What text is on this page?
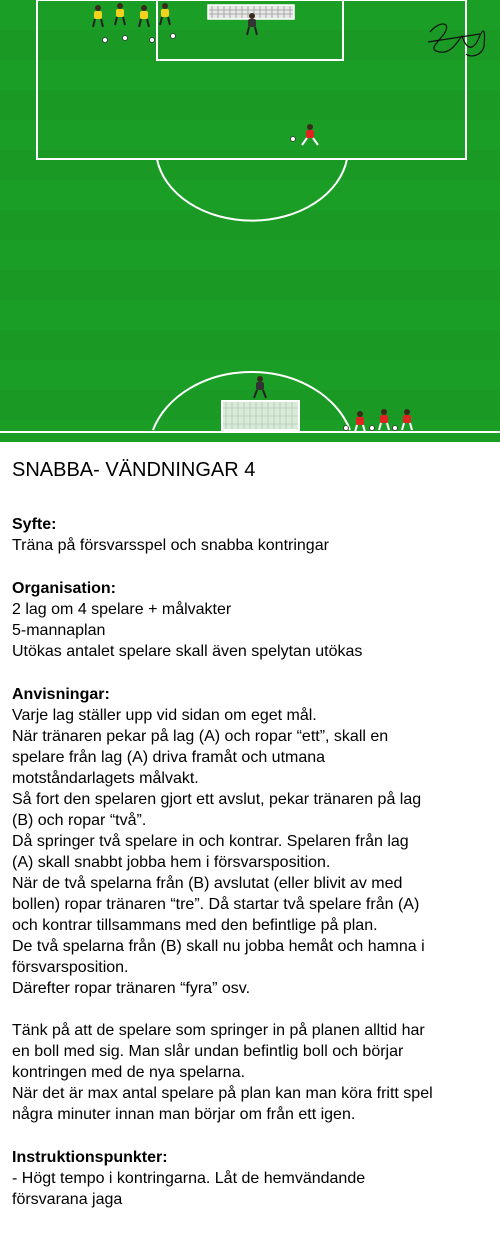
SNABBA- VÄNDNINGAR 4
Syfte:
Träna på försvarsspel och snabba kontringar
Organisation:
2 lag om 4 spelare + målvakter
5-mannaplan
Utökas antalet spelare skall även spelytan utökas
Anvisningar:
Varje lag ställer upp vid sidan om eget mål.
När tränaren pekar på lag (A) och ropar “ett”, skall en
spelare från lag (A) driva framåt och utmana
motståndarlagets målvakt.
Så fort den spelaren gjort ett avslut, pekar tränaren på lag
(B) och ropar “två”.
Då springer två spelare in och kontrar. Spelaren från lag
(A) skall snabbt jobba hem i försvarsposition.
När de två spelarna från (B) avslutat (eller blivit av med
bollen) ropar tränaren “tre”. Då startar två spelare från (A)
och kontrar tillsammans med den befintlige på plan.
De två spelarna från (B) skall nu jobba hemåt och hamna i
försvarsposition.
Därefter ropar tränaren “fyra” osv.
Tänk på att de spelare som springer in på planen alltid har
en boll med sig. Man slår undan befintlig boll och börjar
kontringen med de nya spelarna.
När det är max antal spelare på plan kan man köra fritt spel
några minuter innan man börjar om från ett igen.
Instruktionspunkter:
- Högt tempo i kontringarna. Låt de hemvändande
försvarana jaga
